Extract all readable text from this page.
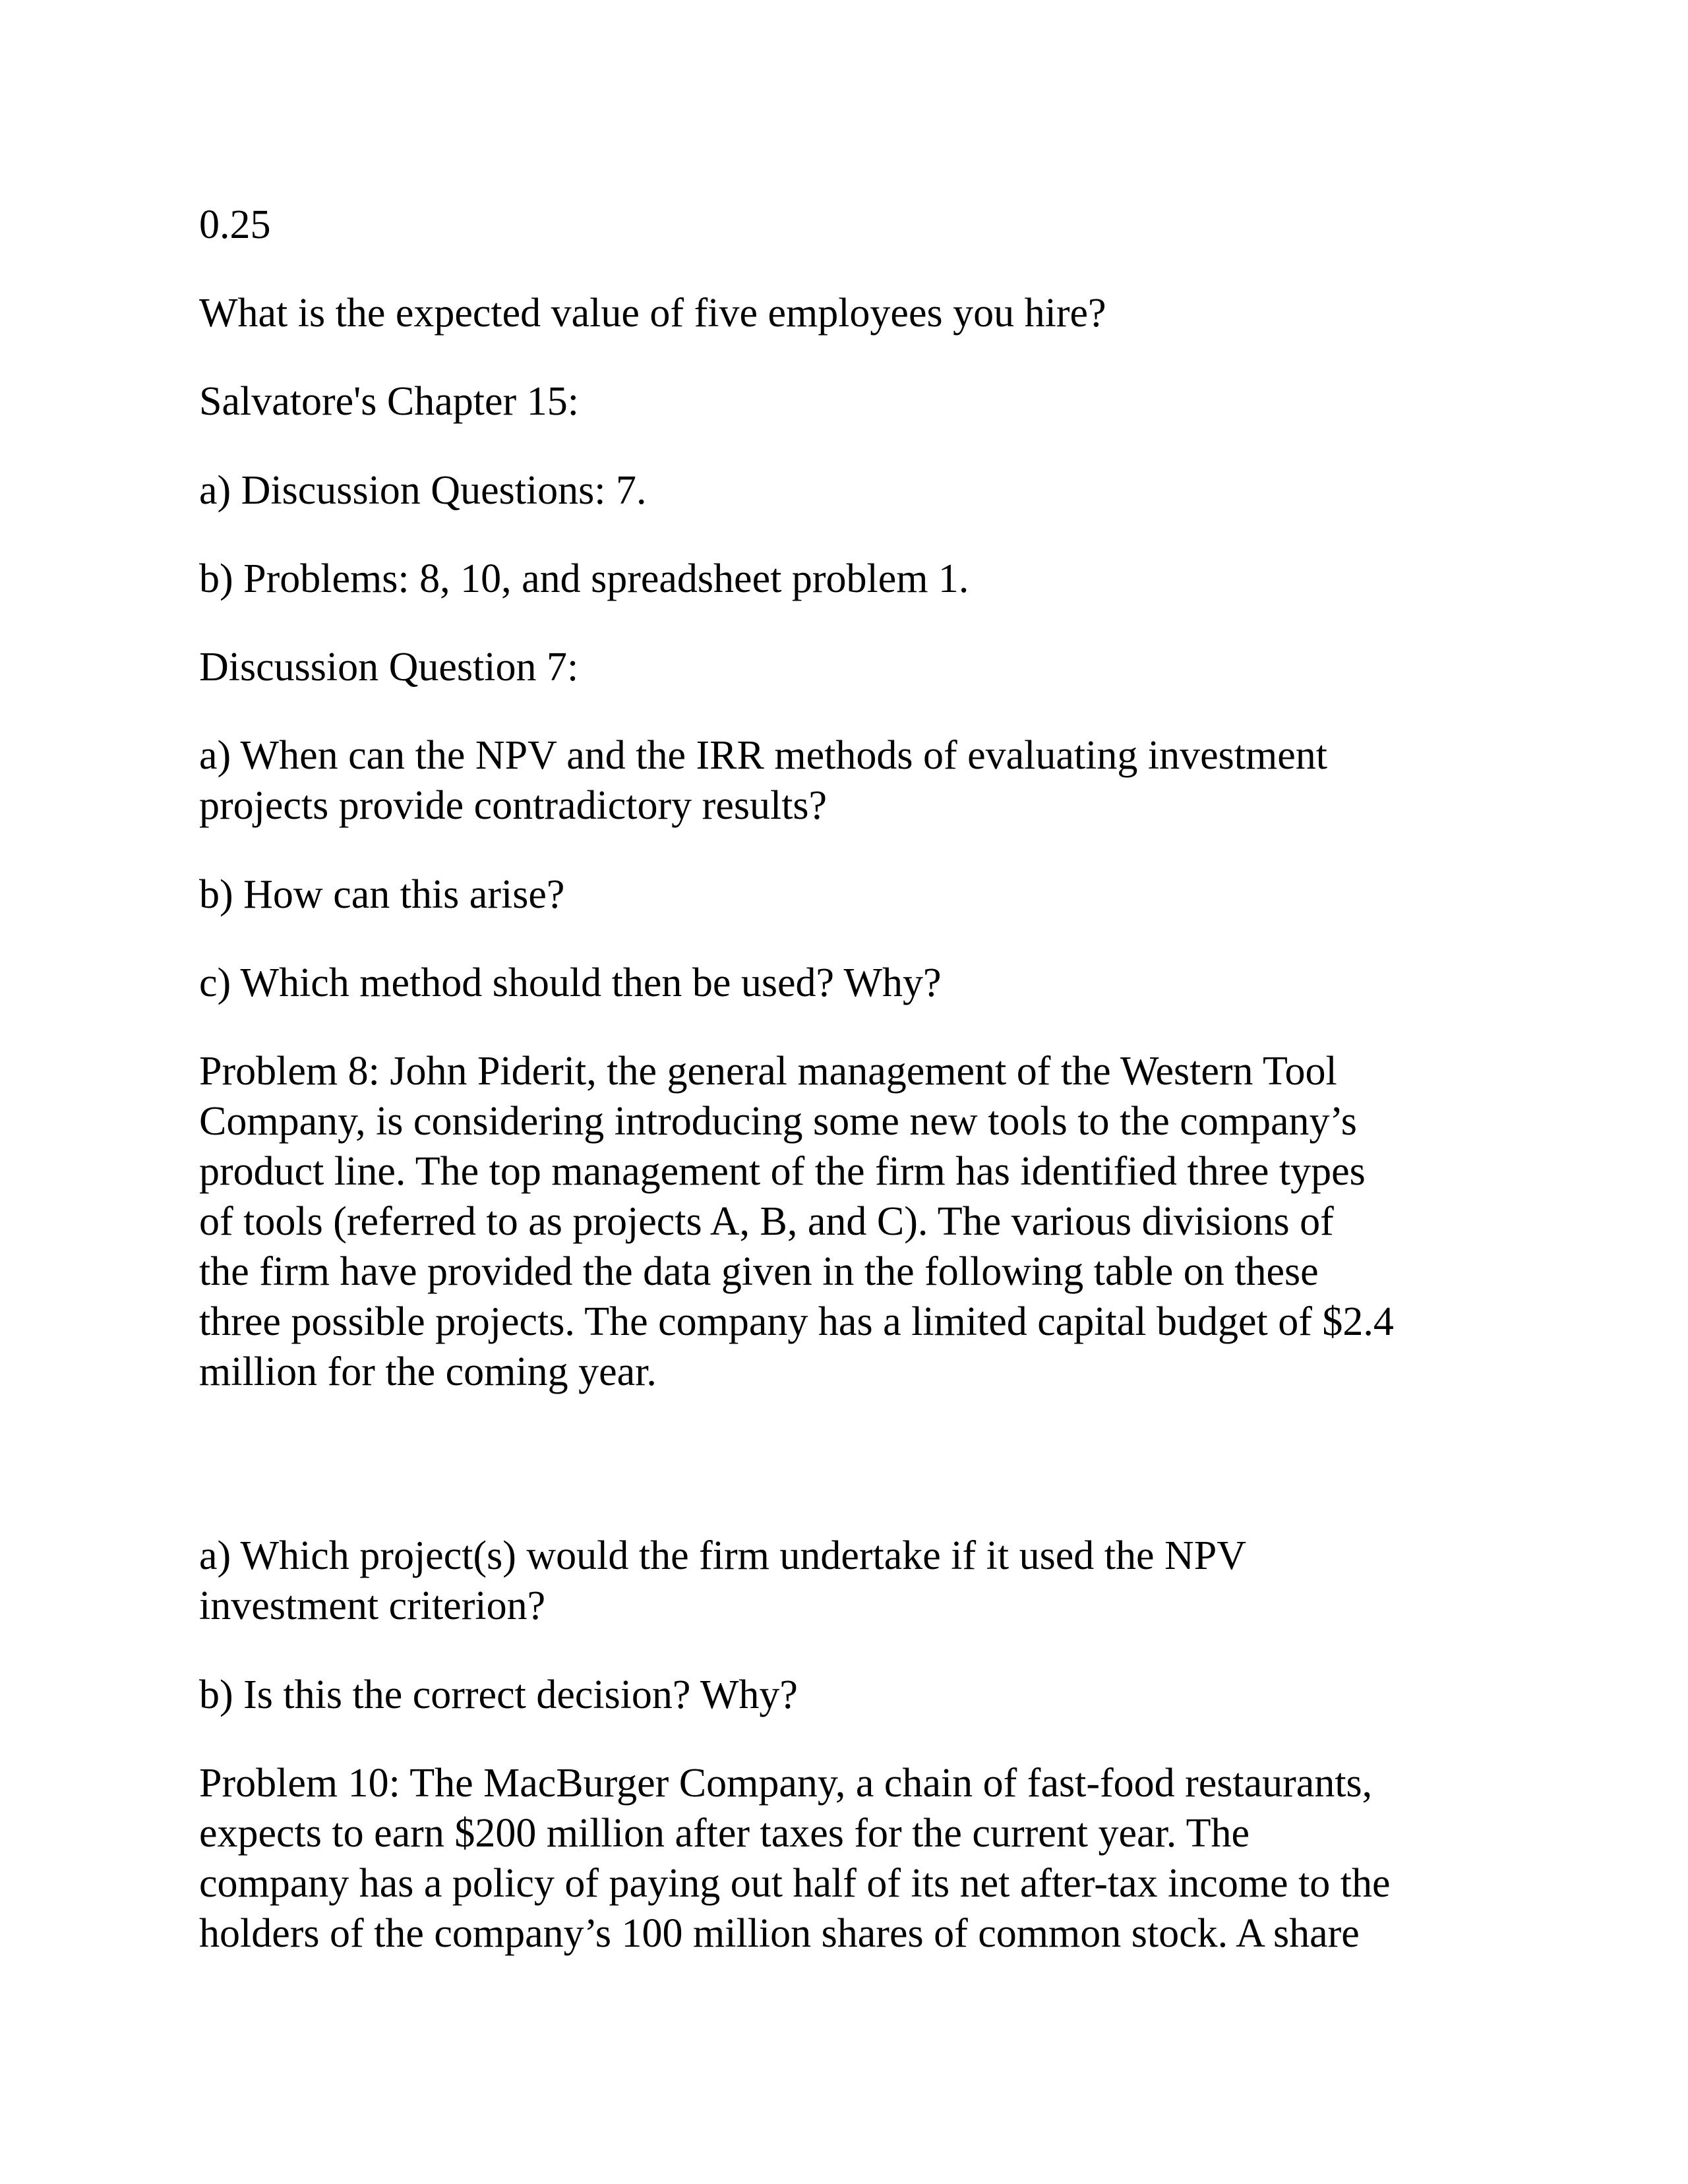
0.25

What is the expected value of five employees you hire?

Salvatore's Chapter 15:

a) Discussion Questions: 7.

b) Problems: 8, 10, and spreadsheet problem 1.

Discussion Question 7:

a) When can the NPV and the IRR methods of evaluating investment
projects provide contradictory results?

b) How can this arise?

c) Which method should then be used? Why?

Problem 8: John Piderit, the general management of the Western Tool
Company, is considering introducing some new tools to the company’s
product line. The top management of the firm has identified three types
of tools (referred to as projects A, B, and C). The various divisions of
the firm have provided the data given in the following table on these
three possible projects. The company has a limited capital budget of $2.4
million for the coming year.

a) Which project(s) would the firm undertake if it used the NPV
investment criterion?

b) Is this the correct decision? Why?

Problem 10: The MacBurger Company, a chain of fast-food restaurants,
expects to earn $200 million after taxes for the current year. The
company has a policy of paying out half of its net after-tax income to the
holders of the company’s 100 million shares of common stock. A share
